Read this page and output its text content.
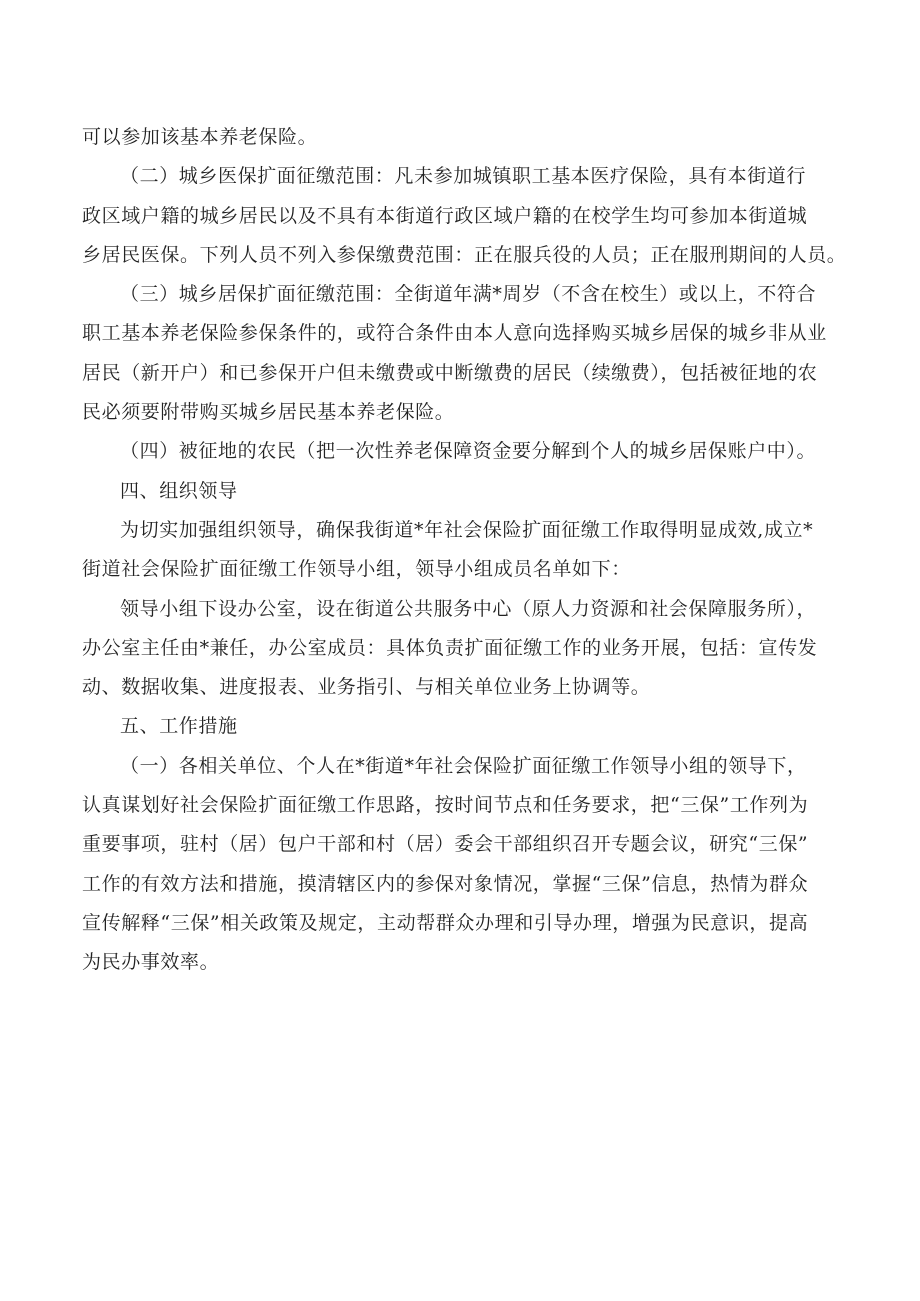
可以参加该基本养老保险。
（二）城乡医保扩面征缴范围：凡未参加城镇职工基本医疗保险，具有本街道行
政区域户籍的城乡居民以及不具有本街道行政区域户籍的在校学生均可参加本街道城
乡居民医保。下列人员不列入参保缴费范围：正在服兵役的人员；正在服刑期间的人员。
（三）城乡居保扩面征缴范围：全街道年满*周岁（不含在校生）或以上，不符合
职工基本养老保险参保条件的，或符合条件由本人意向选择购买城乡居保的城乡非从业
居民（新开户）和已参保开户但未缴费或中断缴费的居民（续缴费），包括被征地的农
民必须要附带购买城乡居民基本养老保险。
（四）被征地的农民（把一次性养老保障资金要分解到个人的城乡居保账户中）。
四、组织领导
为切实加强组织领导，确保我街道*年社会保险扩面征缴工作取得明显成效,成立*
街道社会保险扩面征缴工作领导小组，领导小组成员名单如下：
领导小组下设办公室，设在街道公共服务中心（原人力资源和社会保障服务所），
办公室主任由*兼任，办公室成员：具体负责扩面征缴工作的业务开展，包括：宣传发
动、数据收集、进度报表、业务指引、与相关单位业务上协调等。
五、工作措施
（一）各相关单位、个人在*街道*年社会保险扩面征缴工作领导小组的领导下，
认真谋划好社会保险扩面征缴工作思路，按时间节点和任务要求，把“三保”工作列为
重要事项，驻村（居）包户干部和村（居）委会干部组织召开专题会议，研究“三保”
工作的有效方法和措施，摸清辖区内的参保对象情况，掌握“三保”信息，热情为群众
宣传解释“三保”相关政策及规定，主动帮群众办理和引导办理，增强为民意识，提高
为民办事效率。
